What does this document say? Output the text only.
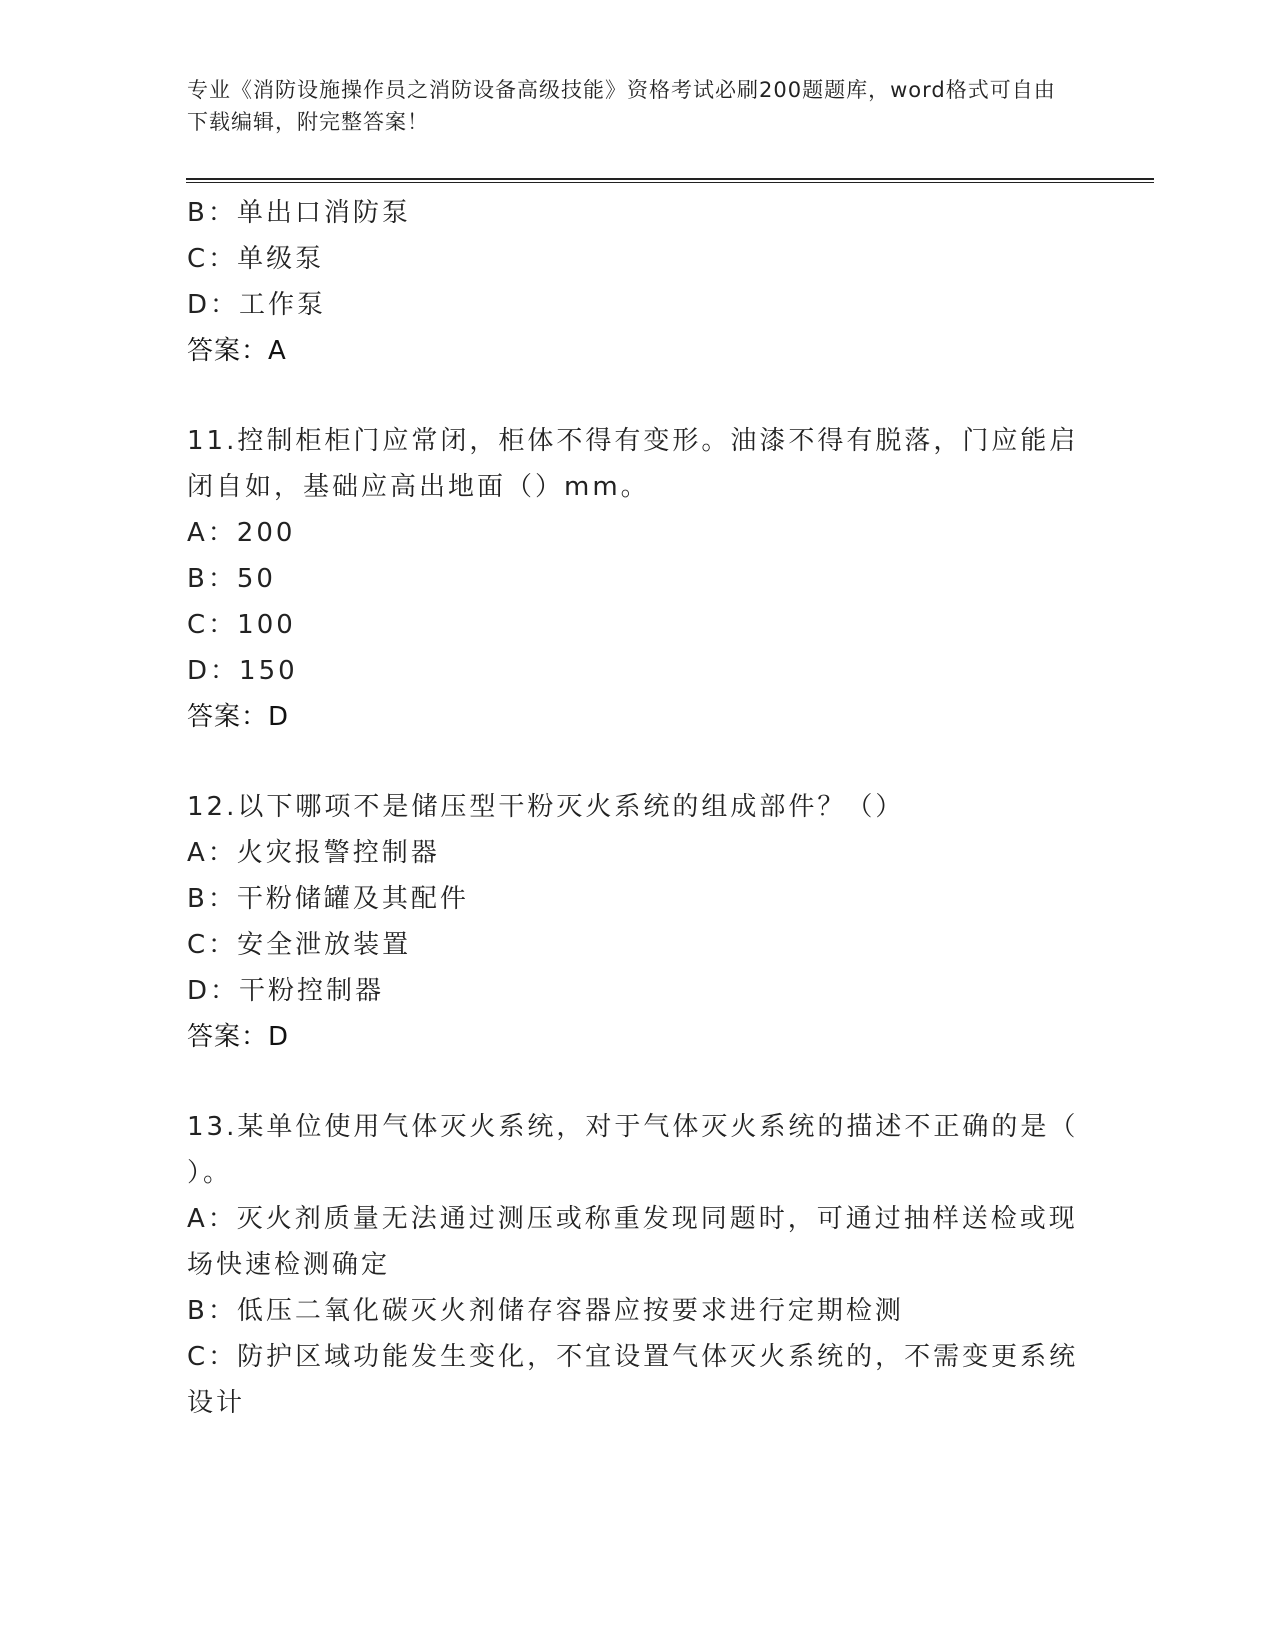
专业《消防设施操作员之消防设备高级技能》资格考试必刷200题题库，word格式可自由下载编辑，附完整答案！
B：单出口消防泵
C：单级泵
D：工作泵
答案：A
11.控制柜柜门应常闭，柜体不得有变形。油漆不得有脱落，门应能启
闭自如，基础应高出地面（）mm。
A：200
B：50
C：100
D：150
答案：D
12.以下哪项不是储压型干粉灭火系统的组成部件？（）
A：火灾报警控制器
B：干粉储罐及其配件
C：安全泄放装置
D：干粉控制器
答案：D
13.某单位使用气体灭火系统，对于气体灭火系统的描述不正确的是（
）。
A：灭火剂质量无法通过测压或称重发现同题时，可通过抽样送检或现
场快速检测确定
B：低压二氧化碳灭火剂储存容器应按要求进行定期检测
C：防护区域功能发生变化，不宜设置气体灭火系统的，不需变更系统
设计
